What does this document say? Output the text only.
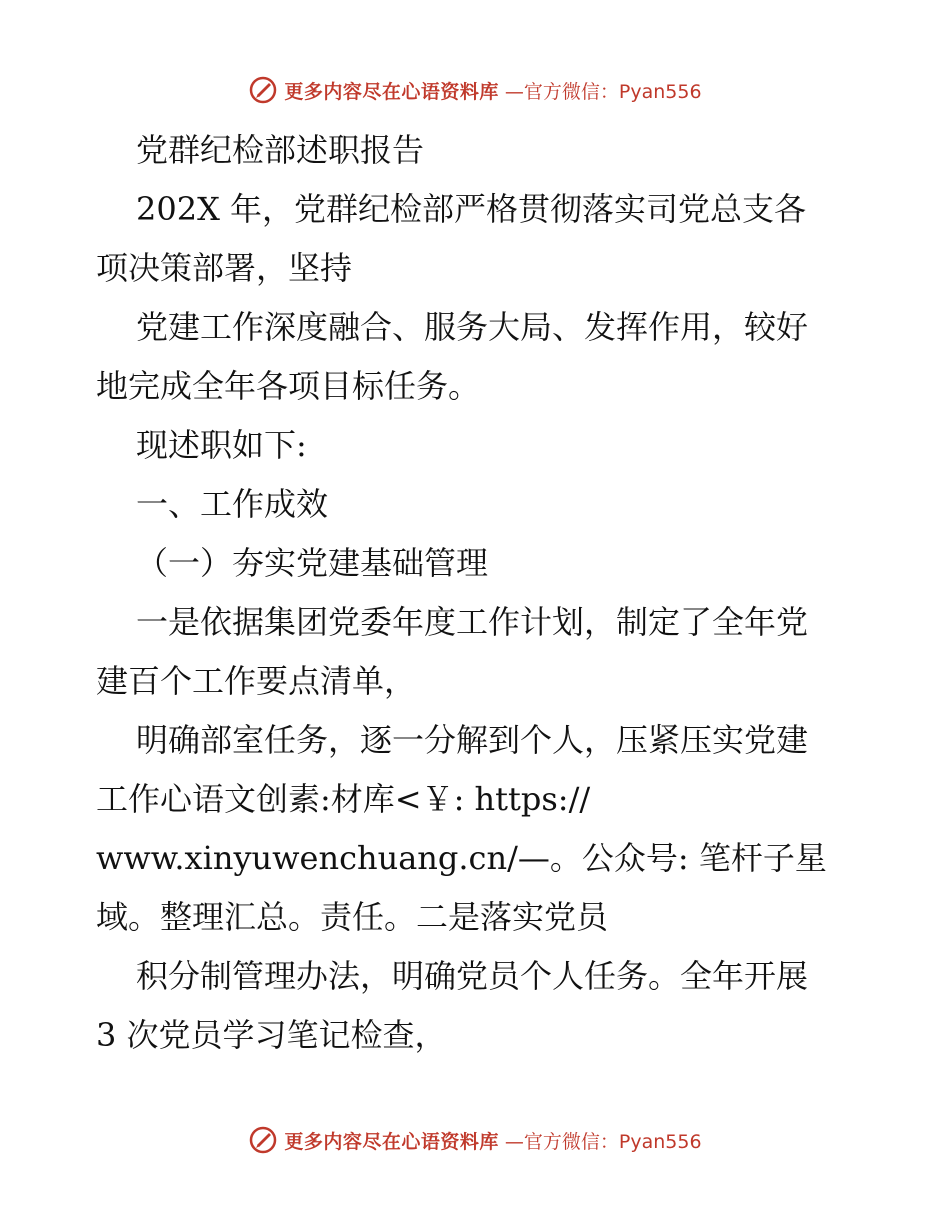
更多内容尽在心语资料库 —官方微信：Pyan556

党群纪检部述职报告

202X 年，党群纪检部严格贯彻落实司党总支各

项决策部署，坚持

党建工作深度融合、服务大局、发挥作用，较好

地完成全年各项目标任务。

现述职如下:

一、工作成效

（一）夯实党建基础管理

一是依据集团党委年度工作计划，制定了全年党

建百个工作要点清单，

明确部室任务，逐一分解到个人，压紧压实党建

工作心语文创素:材库<￥: https://

www.xinyuwenchuang.cn/—。公众号: 笔杆子星

域。整理汇总。责任。二是落实党员

积分制管理办法，明确党员个人任务。全年开展

3 次党员学习笔记检查，

更多内容尽在心语资料库 —官方微信：Pyan556
